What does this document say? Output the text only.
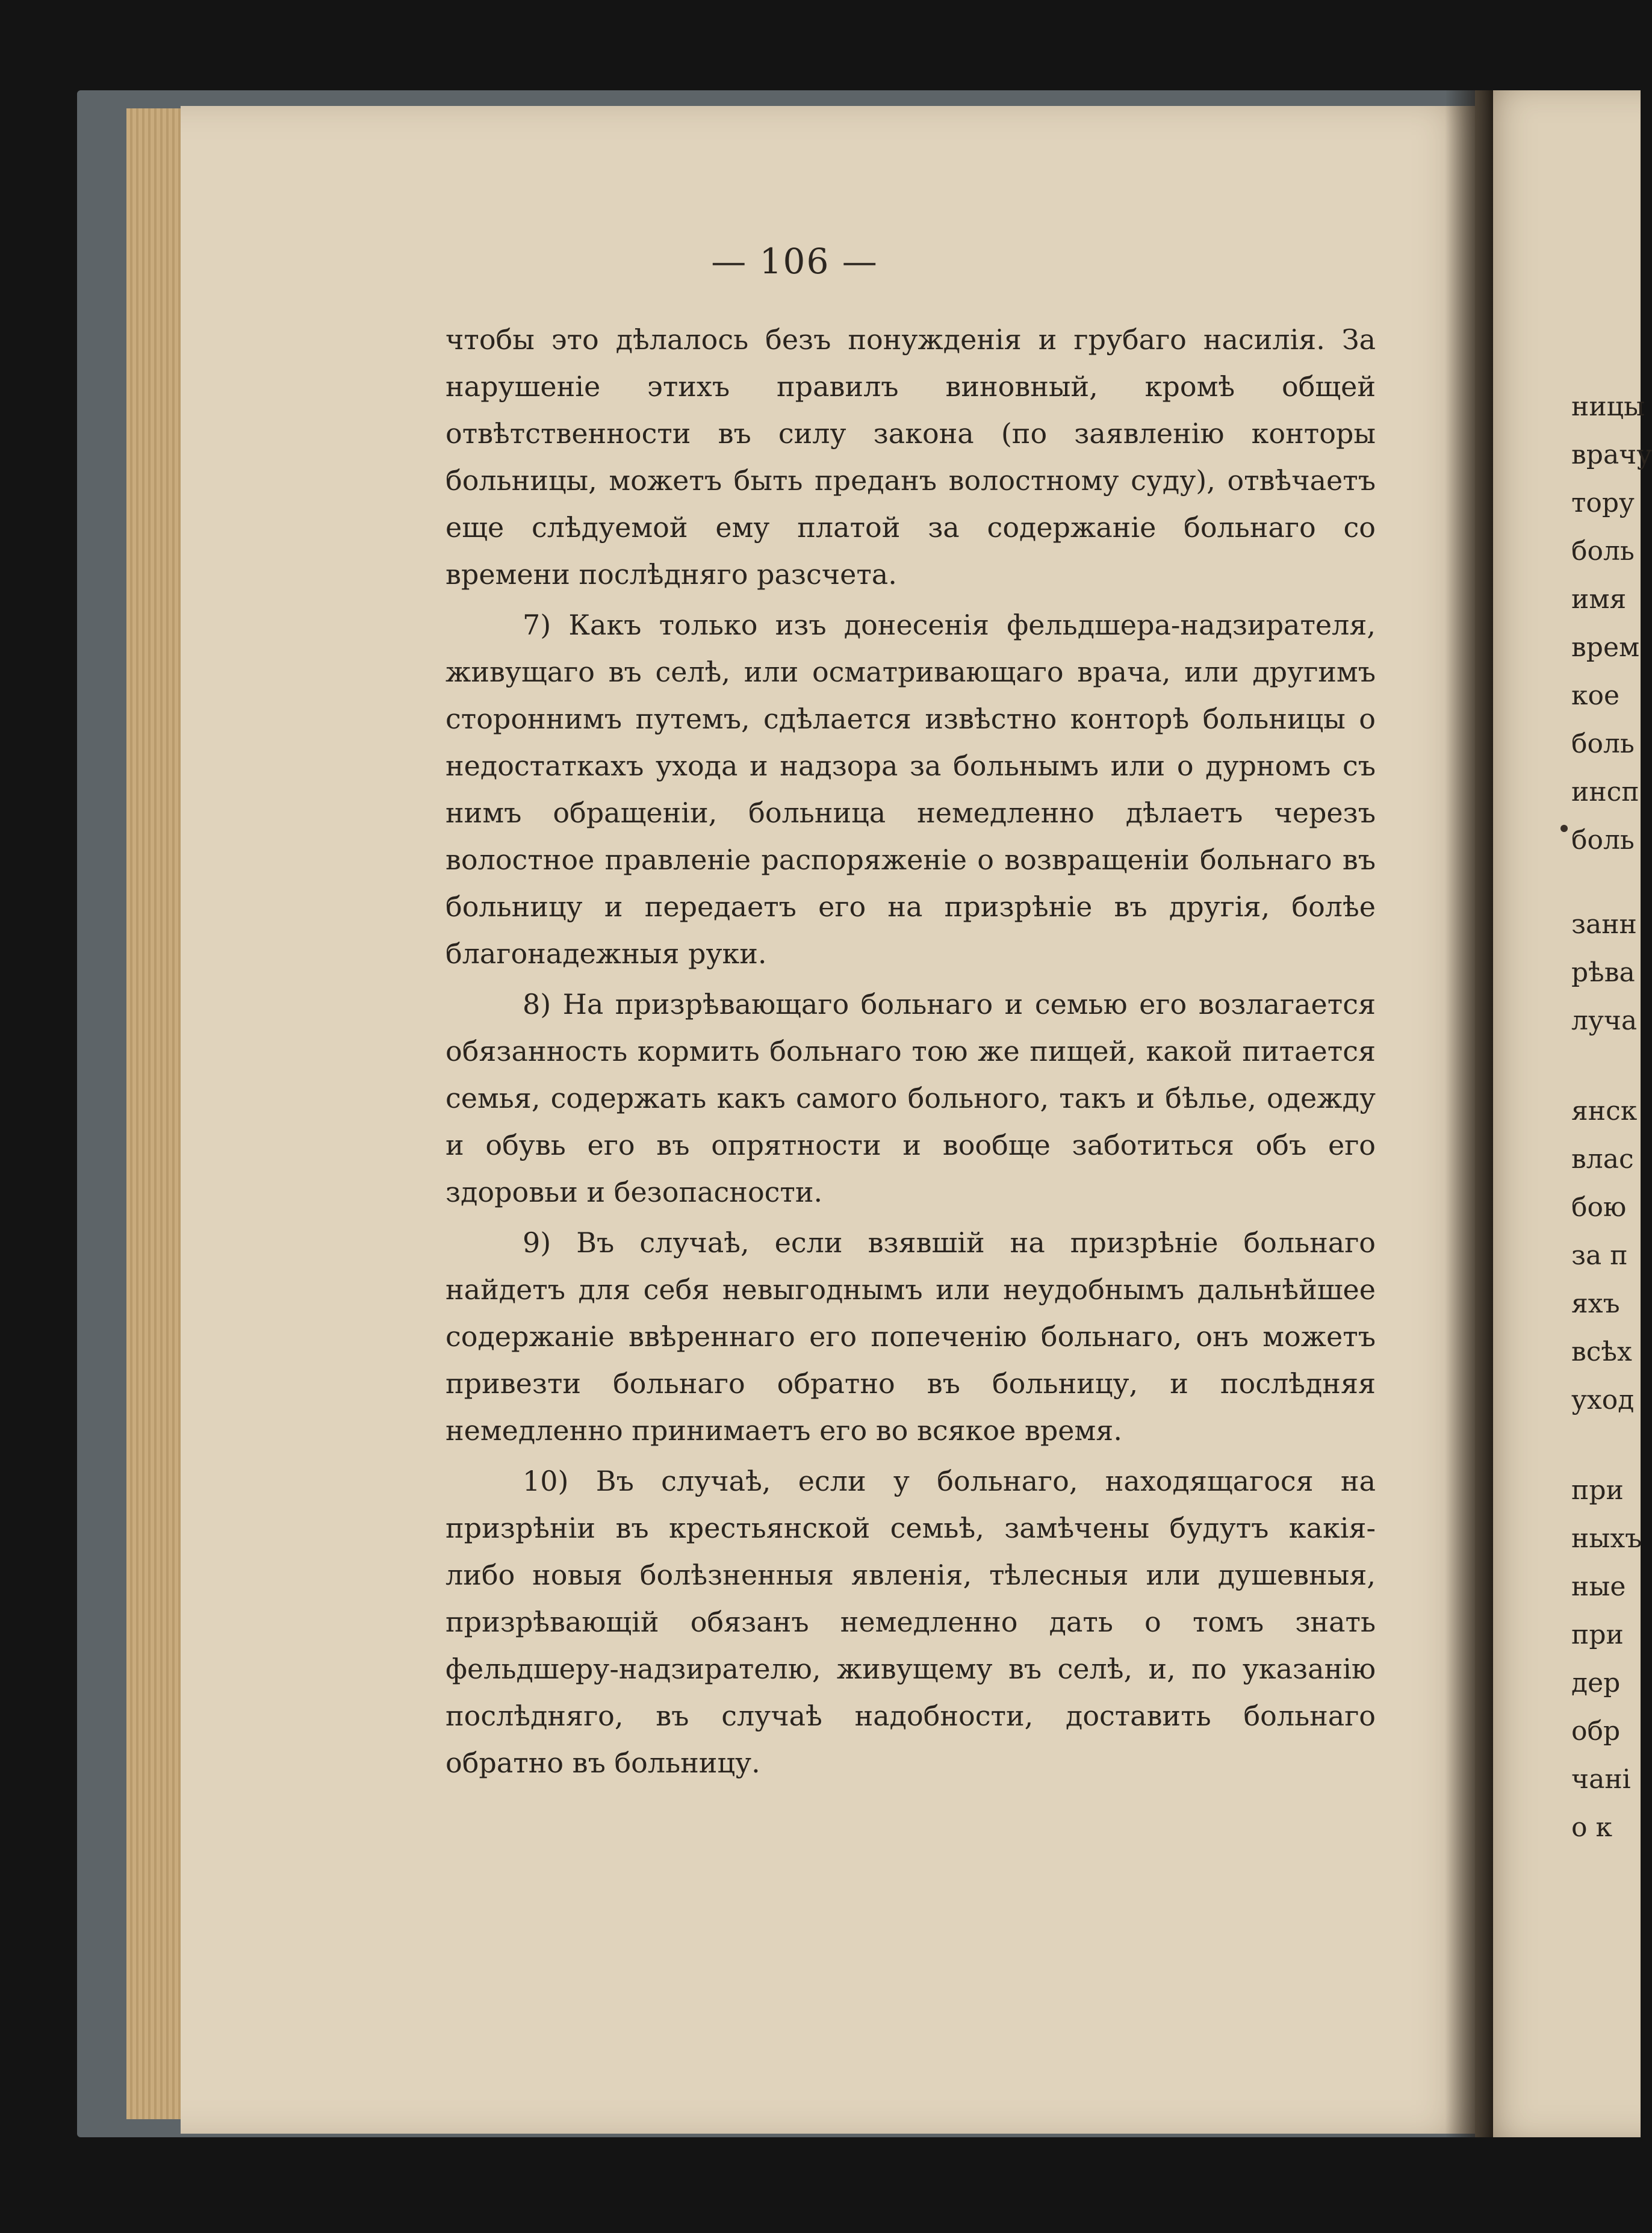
— 106 —

чтобы это дѣлалось безъ понужденія и грубаго насилія. За нарушеніе этихъ правилъ виновный, кромѣ общей отвѣтственности въ силу закона (по заявленію конторы больницы, можетъ быть преданъ волостному суду), отвѣчаетъ еще слѣдуемой ему платой за содержаніе больнаго со времени послѣдняго разсчета.

7) Какъ только изъ донесенія фельдшера-надзирателя, живущаго въ селѣ, или осматривающаго врача, или другимъ стороннимъ путемъ, сдѣлается извѣстно конторѣ больницы о недостаткахъ ухода и надзора за больнымъ или о дурномъ съ нимъ обращеніи, больница немедленно дѣлаетъ черезъ волостное правленіе распоряженіе о возвращеніи больнаго въ больницу и передаетъ его на призрѣніе въ другія, болѣе благонадежныя руки.

8) На призрѣвающаго больнаго и семью его возлагается обязанность кормить больнаго тою же пищей, какой питается семья, содержать какъ самого больного, такъ и бѣлье, одежду и обувь его въ опрятности и вообще заботиться объ его здоровьи и безопасности.

9) Въ случаѣ, если взявшій на призрѣніе больнаго найдетъ для себя невыгоднымъ или неудобнымъ дальнѣйшее содержаніе ввѣреннаго его попеченію больнаго, онъ можетъ привезти больнаго обратно въ больницу, и послѣдняя немедленно принимаетъ его во всякое время.

10) Въ случаѣ, если у больнаго, находящагося на призрѣніи въ крестьянской семьѣ, замѣчены будутъ какія-либо новыя болѣзненныя явленія, тѣлесныя или душевныя, призрѣвающій обязанъ немедленно дать о томъ знать фельдшеру-надзирателю, живущему въ селѣ, и, по указанію послѣдняго, въ случаѣ надобности, доставить больнаго обратно въ больницу.

ницы
врачу
тору
боль
имя
врем
кое
боль
инсп
боль
занн
рѣва
луча
янск
влас
бою
за п
яхъ
всѣх
уход
при
ныхъ
ные
при
дер
обр
чані
о к
